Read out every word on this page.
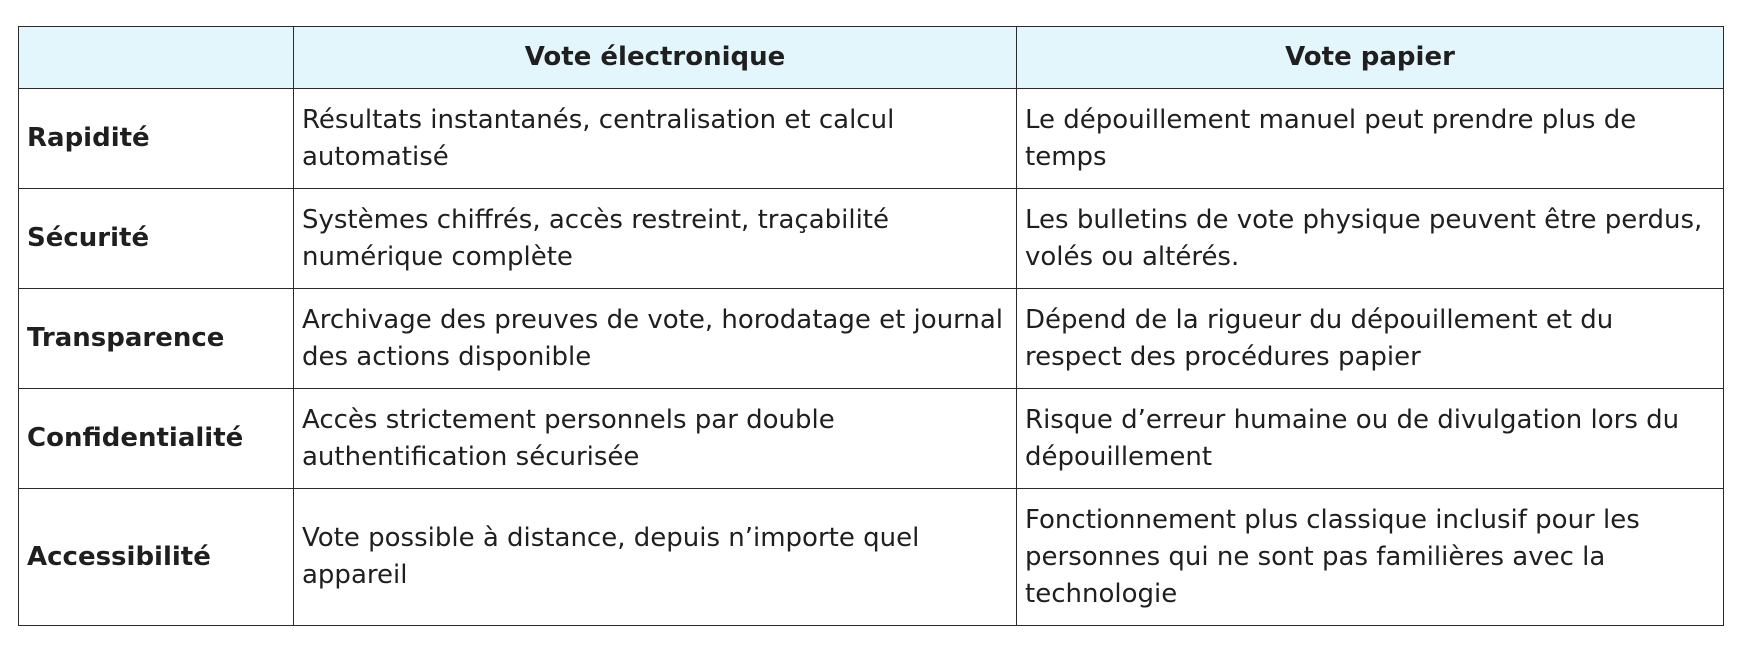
	Vote électronique	Vote papier
Rapidité	Résultats instantanés, centralisation et calcul automatisé	Le dépouillement manuel peut prendre plus de temps
Sécurité	Systèmes chiffrés, accès restreint, traçabilité numérique complète	Les bulletins de vote physique peuvent être perdus, volés ou altérés.
Transparence	Archivage des preuves de vote, horodatage et journal des actions disponible	Dépend de la rigueur du dépouillement et du respect des procédures papier
Confidentialité	Accès strictement personnels par double authentification sécurisée	Risque d’erreur humaine ou de divulgation lors du dépouillement
Accessibilité	Vote possible à distance, depuis n’importe quel appareil	Fonctionnement plus classique inclusif pour les personnes qui ne sont pas familières avec la technologie
